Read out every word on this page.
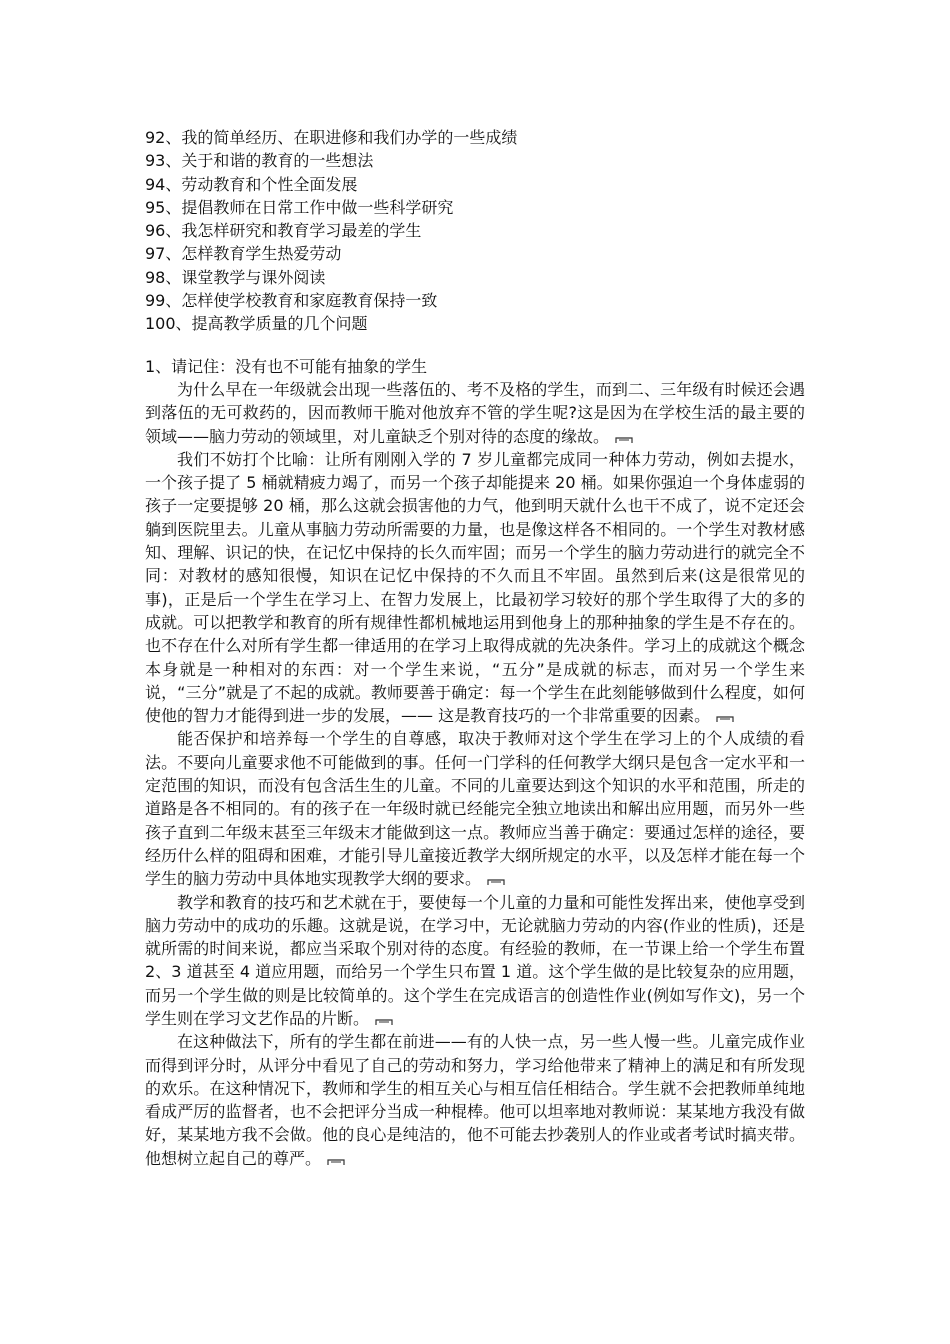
92、我的简单经历、在职进修和我们办学的一些成绩
93、关于和谐的教育的一些想法
94、劳动教育和个性全面发展
95、提倡教师在日常工作中做一些科学研究
96、我怎样研究和教育学习最差的学生
97、怎样教育学生热爱劳动
98、课堂教学与课外阅读
99、怎样使学校教育和家庭教育保持一致
100、提高教学质量的几个问题
1、请记住：没有也不可能有抽象的学生

为什么早在一年级就会出现一些落伍的、考不及格的学生，而到二、三年级有时候还会遇到落伍的无可救药的，因而教师干脆对他放弃不管的学生呢?这是因为在学校生活的最主要的领域——脑力劳动的领域里，对儿童缺乏个别对待的态度的缘故。

我们不妨打个比喻：让所有刚刚入学的 7 岁儿童都完成同一种体力劳动，例如去提水，一个孩子提了 5 桶就精疲力竭了，而另一个孩子却能提来 20 桶。如果你强迫一个身体虚弱的孩子一定要提够 20 桶，那么这就会损害他的力气，他到明天就什么也干不成了，说不定还会躺到医院里去。儿童从事脑力劳动所需要的力量，也是像这样各不相同的。一个学生对教材感知、理解、识记的快，在记忆中保持的长久而牢固；而另一个学生的脑力劳动进行的就完全不同：对教材的感知很慢，知识在记忆中保持的不久而且不牢固。虽然到后来(这是很常见的事)，正是后一个学生在学习上、在智力发展上，比最初学习较好的那个学生取得了大的多的成就。可以把教学和教育的所有规律性都机械地运用到他身上的那种抽象的学生是不存在的。也不存在什么对所有学生都一律适用的在学习上取得成就的先决条件。学习上的成就这个概念本身就是一种相对的东西：对一个学生来说，“五分”是成就的标志，而对另一个学生来说，“三分”就是了不起的成就。教师要善于确定：每一个学生在此刻能够做到什么程度，如何使他的智力才能得到进一步的发展，—— 这是教育技巧的一个非常重要的因素。

能否保护和培养每一个学生的自尊感，取决于教师对这个学生在学习上的个人成绩的看法。不要向儿童要求他不可能做到的事。任何一门学科的任何教学大纲只是包含一定水平和一定范围的知识，而没有包含活生生的儿童。不同的儿童要达到这个知识的水平和范围，所走的道路是各不相同的。有的孩子在一年级时就已经能完全独立地读出和解出应用题，而另外一些孩子直到二年级末甚至三年级末才能做到这一点。教师应当善于确定：要通过怎样的途径，要经历什么样的阻碍和困难，才能引导儿童接近教学大纲所规定的水平，以及怎样才能在每一个学生的脑力劳动中具体地实现教学大纲的要求。

教学和教育的技巧和艺术就在于，要使每一个儿童的力量和可能性发挥出来，使他享受到脑力劳动中的成功的乐趣。这就是说，在学习中，无论就脑力劳动的内容(作业的性质)，还是就所需的时间来说，都应当采取个别对待的态度。有经验的教师，在一节课上给一个学生布置 2、3 道甚至 4 道应用题，而给另一个学生只布置 1 道。这个学生做的是比较复杂的应用题，而另一个学生做的则是比较简单的。这个学生在完成语言的创造性作业(例如写作文)，另一个学生则在学习文艺作品的片断。

在这种做法下，所有的学生都在前进——有的人快一点，另一些人慢一些。儿童完成作业而得到评分时，从评分中看见了自己的劳动和努力，学习给他带来了精神上的满足和有所发现的欢乐。在这种情况下，教师和学生的相互关心与相互信任相结合。学生就不会把教师单纯地看成严厉的监督者，也不会把评分当成一种棍棒。他可以坦率地对教师说：某某地方我没有做好，某某地方我不会做。他的良心是纯洁的，他不可能去抄袭别人的作业或者考试时搞夹带。他想树立起自己的尊严。
